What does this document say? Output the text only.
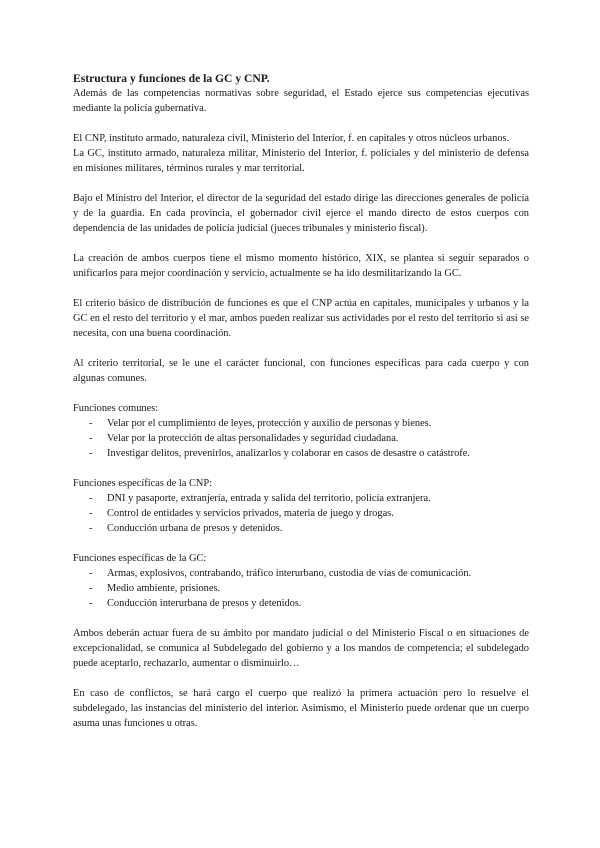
Estructura y funciones de la GC y CNP.

Además de las competencias normativas sobre seguridad, el Estado ejerce sus competencias ejecutivas mediante la policía gubernativa.

El CNP, instituto armado, naturaleza civil, Ministerio del Interior, f. en capitales y otros núcleos urbanos.

La GC, instituto armado, naturaleza militar, Ministerio del Interior, f. policiales y del ministerio de defensa en misiones militares, términos rurales y mar territorial.

Bajo el Ministro del Interior, el director de la seguridad del estado dirige las direcciones generales de policía y de la guardia. En cada provincia, el gobernador civil ejerce el mando directo de estos cuerpos con dependencia de las unidades de policía judicial (jueces tribunales y ministerio fiscal).

La creación de ambos cuerpos tiene el mismo momento histórico, XIX, se plantea si seguir separados o unificarlos para mejor coordinación y servicio, actualmente se ha ido desmilitarizando la GC.

El criterio básico de distribución de funciones es que el CNP actúa en capitales, municipales y urbanos y la GC en el resto del territorio y el mar, ambos pueden realizar sus actividades por el resto del territorio si así se necesita, con una buena coordinación.

Al criterio territorial, se le une el carácter funcional, con funciones específicas para cada cuerpo y con algunas comunes.

Funciones comunes:
- Velar por el cumplimiento de leyes, protección y auxilio de personas y bienes.
- Velar por la protección de altas personalidades y seguridad ciudadana.
- Investigar delitos, prevenirlos, analizarlos y colaborar en casos de desastre o catástrofe.
Funciones específicas de la CNP:
- DNI y pasaporte, extranjería, entrada y salida del territorio, policía extranjera.
- Control de entidades y servicios privados, materia de juego y drogas.
- Conducción urbana de presos y detenidos.
Funciones específicas de la GC:
- Armas, explosivos, contrabando, tráfico interurbano, custodia de vías de comunicación.
- Medio ambiente, prisiones.
- Conducción interurbana de presos y detenidos.

Ambos deberán actuar fuera de su ámbito por mandato judicial o del Ministerio Fiscal o en situaciones de excepcionalidad, se comunica al Subdelegado del gobierno y a los mandos de competencia; el subdelegado puede aceptarlo, rechazarlo, aumentar o disminuirlo…

En caso de conflictos, se hará cargo el cuerpo que realizó la primera actuación pero lo resuelve el subdelegado, las instancias del ministerio del interior. Asimismo, el Ministerio puede ordenar que un cuerpo asuma unas funciones u otras.
